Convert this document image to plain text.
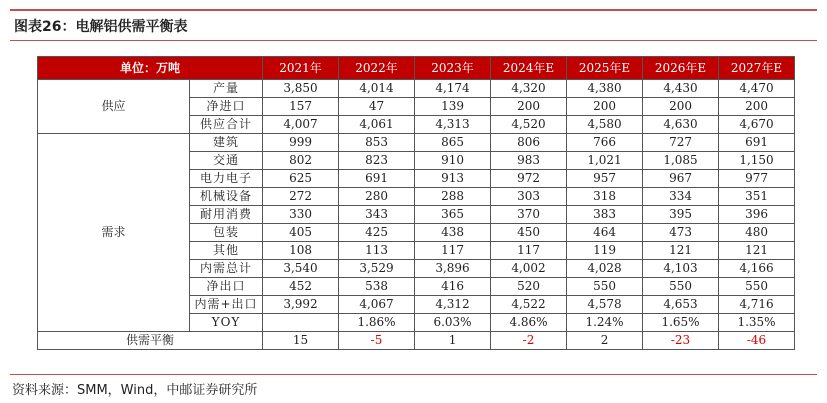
图表26：电解铝供需平衡表
单位：万吨		2021年	2022年	2023年	2024年E	2025年E	2026年E	2027年E
供应	产量	3,850	4,014	4,174	4,320	4,380	4,430	4,470
	净进口	157	47	139	200	200	200	200
	供应合计	4,007	4,061	4,313	4,520	4,580	4,630	4,670
需求	建筑	999	853	865	806	766	727	691
	交通	802	823	910	983	1,021	1,085	1,150
	电力电子	625	691	913	972	957	967	977
	机械设备	272	280	288	303	318	334	351
	耐用消费	330	343	365	370	383	395	396
	包装	405	425	438	450	464	473	480
	其他	108	113	117	117	119	121	121
	内需总计	3,540	3,529	3,896	4,002	4,028	4,103	4,166
	净出口	452	538	416	520	550	550	550
	内需+出口	3,992	4,067	4,312	4,522	4,578	4,653	4,716
	YOY		1.86%	6.03%	4.86%	1.24%	1.65%	1.35%
供需平衡		15	-5	1	-2	2	-23	-46
资料来源：SMM，Wind，中邮证券研究所
